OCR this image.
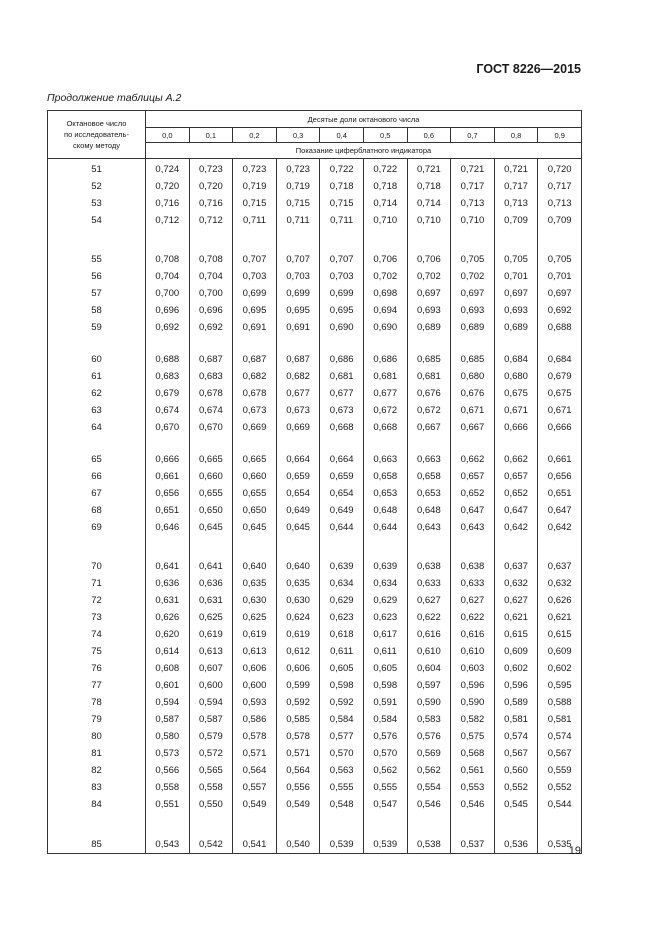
ГОСТ 8226—2015
Продолжение таблицы А.2
Октановое число
по исследователь-
скому методу	Десятые доли октанового числа									
	0,0	0,1	0,2	0,3	0,4	0,5	0,6	0,7	0,8	0,9
	Показание циферблатного индикатора									
51	0,724	0,723	0,723	0,723	0,722	0,722	0,721	0,721	0,721	0,720
52	0,720	0,720	0,719	0,719	0,718	0,718	0,718	0,717	0,717	0,717
53	0,716	0,716	0,715	0,715	0,715	0,714	0,714	0,713	0,713	0,713
54	0,712	0,712	0,711	0,711	0,711	0,710	0,710	0,710	0,709	0,709

55	0,708	0,708	0,707	0,707	0,707	0,706	0,706	0,705	0,705	0,705
56	0,704	0,704	0,703	0,703	0,703	0,702	0,702	0,702	0,701	0,701
57	0,700	0,700	0,699	0,699	0,699	0,698	0,697	0,697	0,697	0,697
58	0,696	0,696	0,695	0,695	0,695	0,694	0,693	0,693	0,693	0,692
59	0,692	0,692	0,691	0,691	0,690	0,690	0,689	0,689	0,689	0,688

60	0,688	0,687	0,687	0,687	0,686	0,686	0,685	0,685	0,684	0,684
61	0,683	0,683	0,682	0,682	0,681	0,681	0,681	0,680	0,680	0,679
62	0,679	0,678	0,678	0,677	0,677	0,677	0,676	0,676	0,675	0,675
63	0,674	0,674	0,673	0,673	0,673	0,672	0,672	0,671	0,671	0,671
64	0,670	0,670	0,669	0,669	0,668	0,668	0,667	0,667	0,666	0,666

65	0,666	0,665	0,665	0,664	0,664	0,663	0,663	0,662	0,662	0,661
66	0,661	0,660	0,660	0,659	0,659	0,658	0,658	0,657	0,657	0,656
67	0,656	0,655	0,655	0,654	0,654	0,653	0,653	0,652	0,652	0,651
68	0,651	0,650	0,650	0,649	0,649	0,648	0,648	0,647	0,647	0,647
69	0,646	0,645	0,645	0,645	0,644	0,644	0,643	0,643	0,642	0,642

70	0,641	0,641	0,640	0,640	0,639	0,639	0,638	0,638	0,637	0,637
71	0,636	0,636	0,635	0,635	0,634	0,634	0,633	0,633	0,632	0,632
72	0,631	0,631	0,630	0,630	0,629	0,629	0,627	0,627	0,627	0,626
73	0,626	0,625	0,625	0,624	0,623	0,623	0,622	0,622	0,621	0,621
74	0,620	0,619	0,619	0,619	0,618	0,617	0,616	0,616	0,615	0,615
75	0,614	0,613	0,613	0,612	0,611	0,611	0,610	0,610	0,609	0,609
76	0,608	0,607	0,606	0,606	0,605	0,605	0,604	0,603	0,602	0,602
77	0,601	0,600	0,600	0,599	0,598	0,598	0,597	0,596	0,596	0,595
78	0,594	0,594	0,593	0,592	0,592	0,591	0,590	0,590	0,589	0,588
79	0,587	0,587	0,586	0,585	0,584	0,584	0,583	0,582	0,581	0,581
80	0,580	0,579	0,578	0,578	0,577	0,576	0,576	0,575	0,574	0,574
81	0,573	0,572	0,571	0,571	0,570	0,570	0,569	0,568	0,567	0,567
82	0,566	0,565	0,564	0,564	0,563	0,562	0,562	0,561	0,560	0,559
83	0,558	0,558	0,557	0,556	0,555	0,555	0,554	0,553	0,552	0,552
84	0,551	0,550	0,549	0,549	0,548	0,547	0,546	0,546	0,545	0,544

85	0,543	0,542	0,541	0,540	0,539	0,539	0,538	0,537	0,536	0,535
19
